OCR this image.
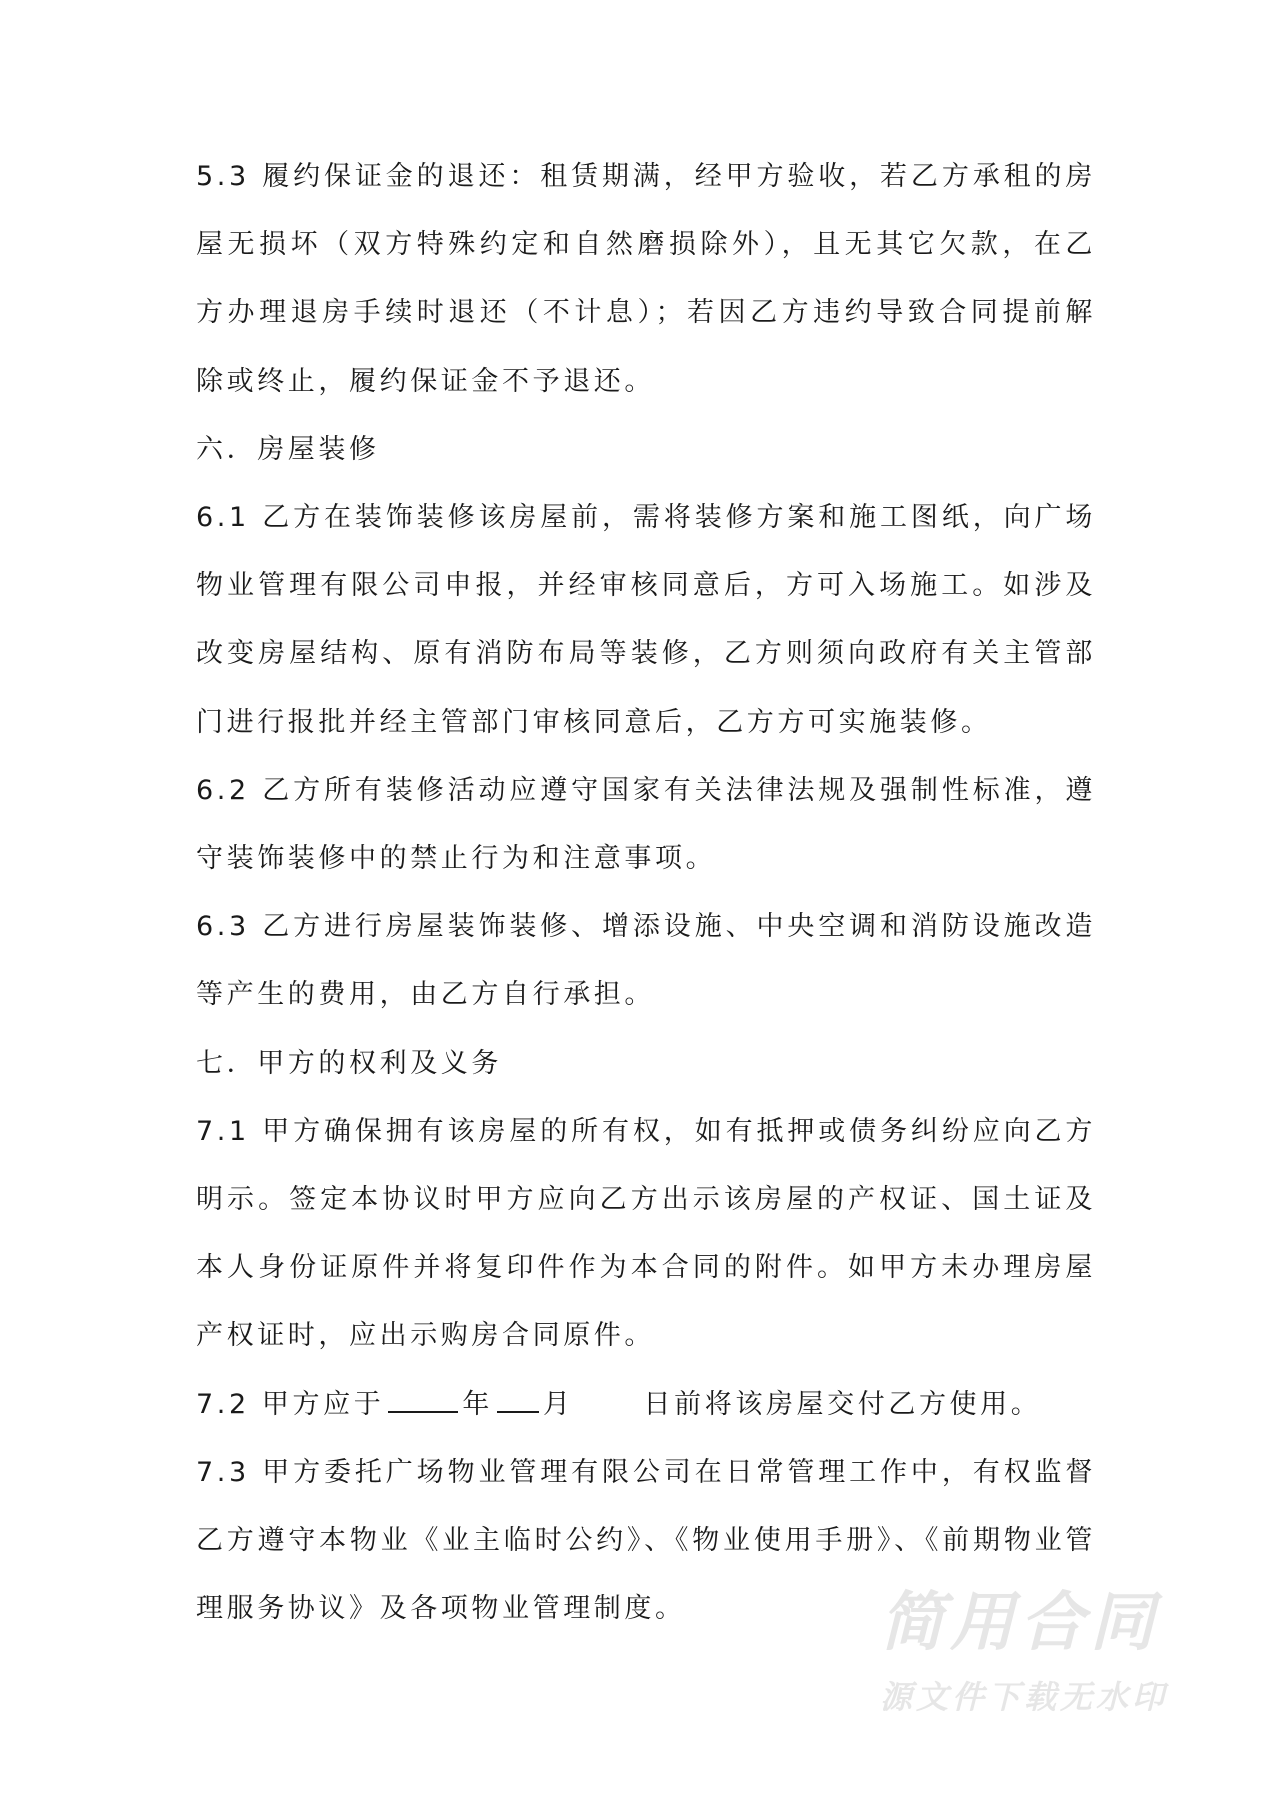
5.3 履约保证金的退还：租赁期满，经甲方验收，若乙方承租的房屋无损坏（双方特殊约定和自然磨损除外），且无其它欠款，在乙方办理退房手续时退还（不计息）；若因乙方违约导致合同提前解除或终止，履约保证金不予退还。

六．房屋装修

6.1 乙方在装饰装修该房屋前，需将装修方案和施工图纸，向广场物业管理有限公司申报，并经审核同意后，方可入场施工。如涉及改变房屋结构、原有消防布局等装修，乙方则须向政府有关主管部门进行报批并经主管部门审核同意后，乙方方可实施装修。

6.2 乙方所有装修活动应遵守国家有关法律法规及强制性标准，遵守装饰装修中的禁止行为和注意事项。

6.3 乙方进行房屋装饰装修、增添设施、中央空调和消防设施改造等产生的费用，由乙方自行承担。

七．甲方的权利及义务

7.1 甲方确保拥有该房屋的所有权，如有抵押或债务纠纷应向乙方明示。签定本协议时甲方应向乙方出示该房屋的产权证、国土证及本人身份证原件并将复印件作为本合同的附件。如甲方未办理房屋产权证时，应出示购房合同原件。

7.2 甲方应于	年 月	日前将该房屋交付乙方使用。

7.3 甲方委托广场物业管理有限公司在日常管理工作中，有权监督乙方遵守本物业《业主临时公约》、《物业使用手册》、《前期物业管理服务协议》及各项物业管理制度。	简用合同
源文件下载无水印
